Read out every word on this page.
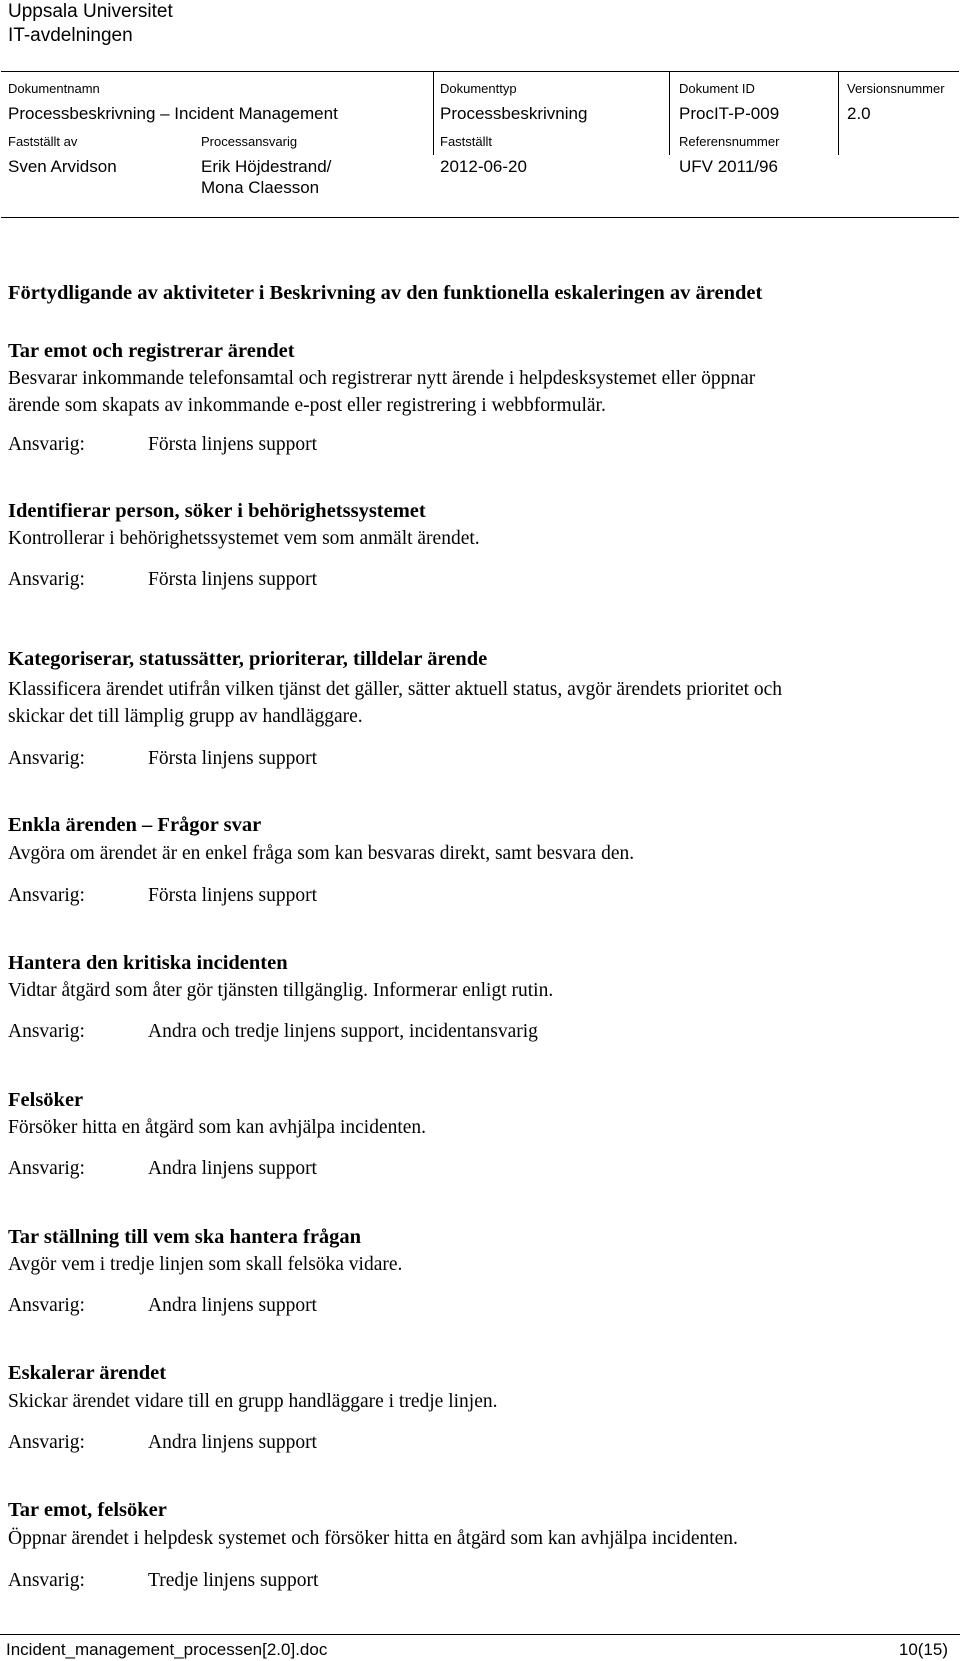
Uppsala Universitet
IT-avdelningen
Dokumentnamn
Processbeskrivning – Incident Management
Dokumenttyp
Processbeskrivning
Dokument ID
ProcIT-P-009
Versionsnummer
2.0
Fastställt av
Sven Arvidson
Processansvarig
Erik Höjdestrand/
Mona Claesson
Fastställt
2012-06-20
Referensnummer
UFV 2011/96
Förtydligande av aktiviteter i Beskrivning av den funktionella eskaleringen av ärendet
Tar emot och registrerar ärendet
Besvarar inkommande telefonsamtal och registrerar nytt ärende i helpdesksystemet eller öppnar
ärende som skapats av inkommande e-post eller registrering i webbformulär.
Ansvarig:	Första linjens support
Identifierar person, söker i behörighetssystemet
Kontrollerar i behörighetssystemet vem som anmält ärendet.
Ansvarig:	Första linjens support
Kategoriserar, statussätter, prioriterar, tilldelar ärende
Klassificera ärendet utifrån vilken tjänst det gäller, sätter aktuell status, avgör ärendets prioritet och
skickar det till lämplig grupp av handläggare.
Ansvarig:	Första linjens support
Enkla ärenden – Frågor svar
Avgöra om ärendet är en enkel fråga som kan besvaras direkt, samt besvara den.
Ansvarig:	Första linjens support
Hantera den kritiska incidenten
Vidtar åtgärd som åter gör tjänsten tillgänglig. Informerar enligt rutin.
Ansvarig:	Andra och tredje linjens support, incidentansvarig
Felsöker
Försöker hitta en åtgärd som kan avhjälpa incidenten.
Ansvarig:	Andra linjens support
Tar ställning till vem ska hantera frågan
Avgör vem i tredje linjen som skall felsöka vidare.
Ansvarig:	Andra linjens support
Eskalerar ärendet
Skickar ärendet vidare till en grupp handläggare i tredje linjen.
Ansvarig:	Andra linjens support
Tar emot, felsöker
Öppnar ärendet i helpdesk systemet och försöker hitta en åtgärd som kan avhjälpa incidenten.
Ansvarig:	Tredje linjens support
Incident_management_processen[2.0].doc	10(15)
